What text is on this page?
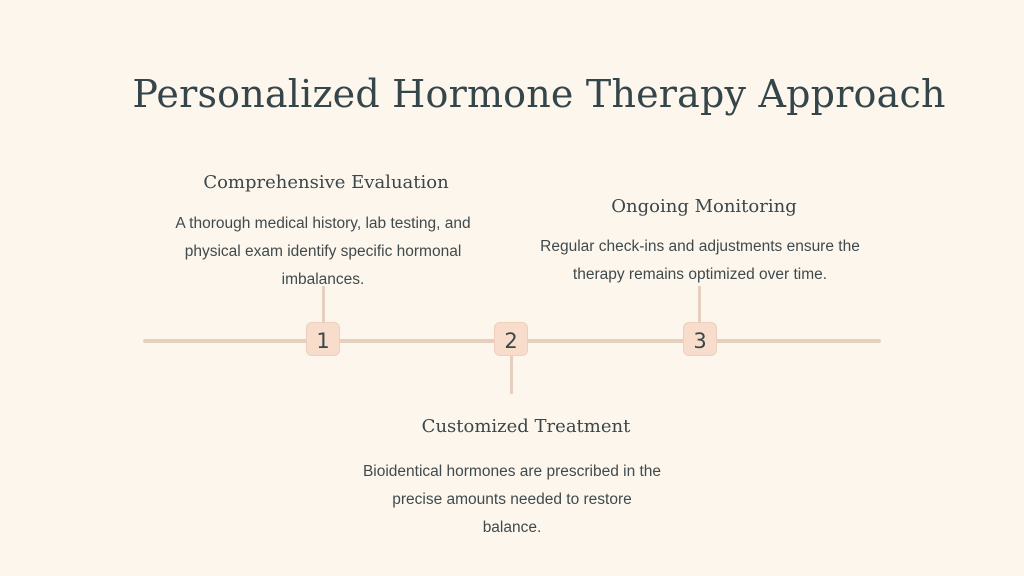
Personalized Hormone Therapy Approach
1
Comprehensive Evaluation
A thorough medical history, lab testing, and physical exam identify specific hormonal imbalances.
2
Customized Treatment
Bioidentical hormones are prescribed in the precise amounts needed to restore balance.
3
Ongoing Monitoring
Regular check-ins and adjustments ensure the therapy remains optimized over time.
